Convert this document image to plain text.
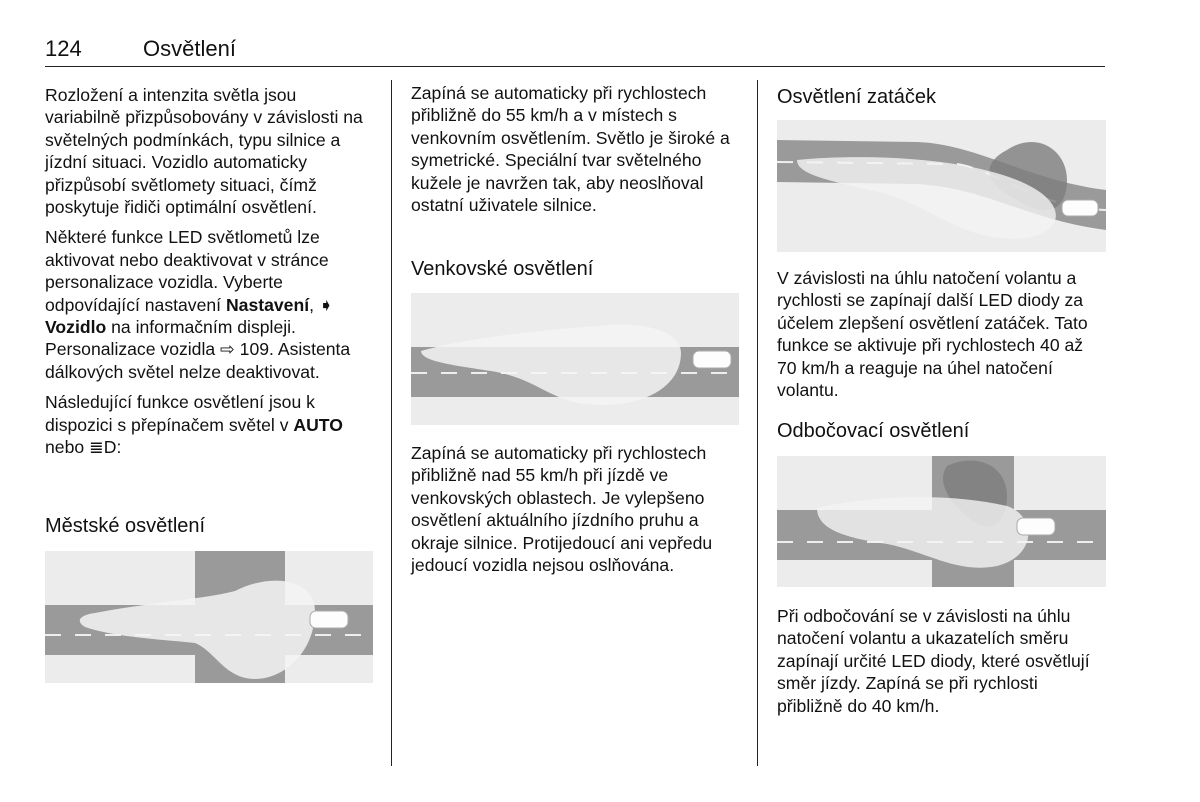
124	Osvětlení

Rozložení a intenzita světla jsou variabilně přizpůsobovány v závislosti na světelných podmínkách, typu silnice a jízdní situaci. Vozidlo automaticky přizpůsobí světlomety situaci, čímž poskytuje řidiči optimální osvětlení.

Některé funkce LED světlometů lze aktivovat nebo deaktivovat v stránce personalizace vozidla. Vyberte odpovídající nastavení Nastavení, ➧ Vozidlo na informačním displeji. Personalizace vozidla ⇨ 109. Asistenta dálkových světel nelze deaktivovat.

Následující funkce osvětlení jsou k dispozici s přepínačem světel v AUTO nebo ≣D:

Městské osvětlení

Zapíná se automaticky při rychlostech přibližně do 55 km/h a v místech s venkovním osvětlením. Světlo je široké a symetrické. Speciální tvar světelného kužele je navržen tak, aby neoslňoval ostatní uživatele silnice.

Venkovské osvětlení

Zapíná se automaticky při rychlostech přibližně nad 55 km/h při jízdě ve venkovských oblastech. Je vylepšeno osvětlení aktuálního jízdního pruhu a okraje silnice. Protijedoucí ani vepředu jedoucí vozidla nejsou oslňována.

Osvětlení zatáček

V závislosti na úhlu natočení volantu a rychlosti se zapínají další LED diody za účelem zlepšení osvětlení zatáček. Tato funkce se aktivuje při rychlostech 40 až 70 km/h a reaguje na úhel natočení volantu.

Odbočovací osvětlení

Při odbočování se v závislosti na úhlu natočení volantu a ukazatelích směru zapínají určité LED diody, které osvětlují směr jízdy. Zapíná se při rychlosti přibližně do 40 km/h.
